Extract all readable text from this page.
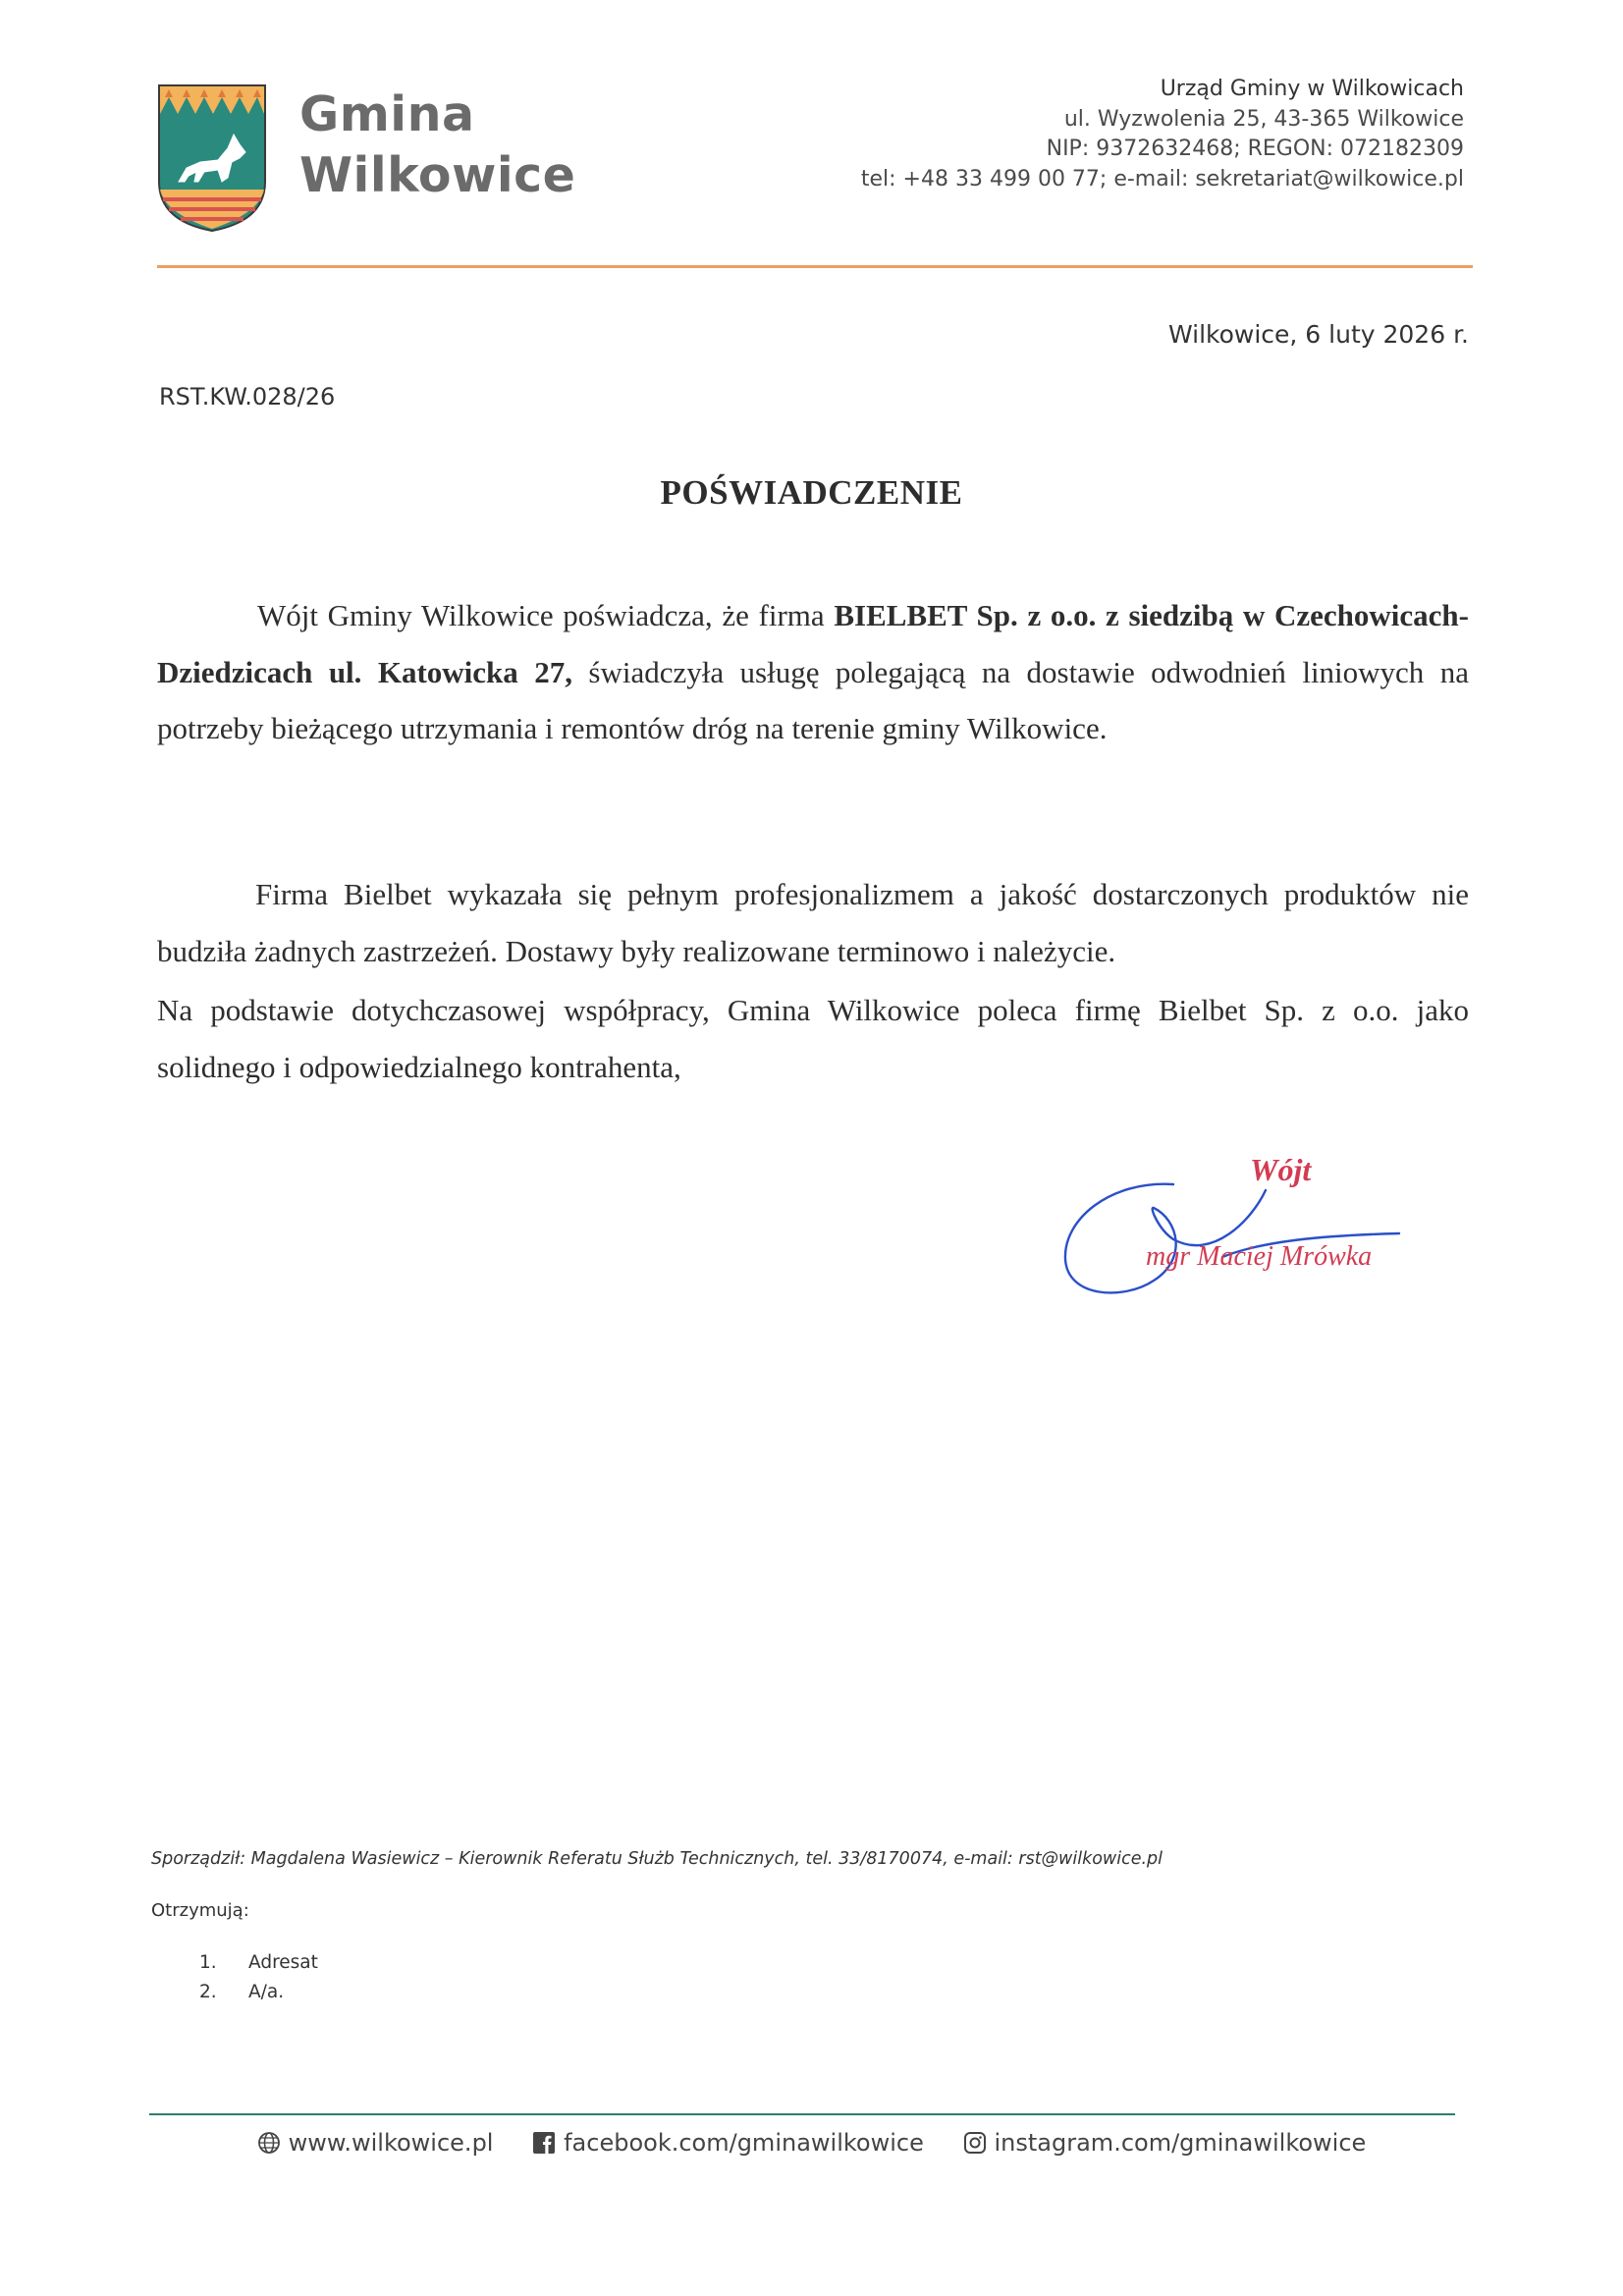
Gmina
Wilkowice
Urząd Gminy w Wilkowicach
ul. Wyzwolenia 25, 43-365 Wilkowice
NIP: 9372632468; REGON: 072182309
tel: +48 33 499 00 77; e-mail: sekretariat@wilkowice.pl
Wilkowice, 6 luty 2026 r.
RST.KW.028/26
POŚWIADCZENIE
Wójt Gminy Wilkowice poświadcza, że firma BIELBET Sp. z o.o. z siedzibą w Czechowicach-Dziedzicach ul. Katowicka 27, świadczyła usługę polegającą na dostawie odwodnień liniowych na potrzeby bieżącego utrzymania i remontów dróg na terenie gminy Wilkowice.
Firma Bielbet wykazała się pełnym profesjonalizmem a jakość dostarczonych produktów nie budziła żadnych zastrzeżeń. Dostawy były realizowane terminowo i należycie.
Na podstawie dotychczasowej współpracy, Gmina Wilkowice poleca firmę Bielbet Sp. z o.o. jako solidnego i odpowiedzialnego kontrahenta,
Wójt
mgr Maciej Mrówka
Sporządził: Magdalena Wasiewicz – Kierownik Referatu Służb Technicznych, tel. 33/8170074, e-mail: rst@wilkowice.pl
Otrzymują:
1. Adresat
2. A/a.
www.wilkowice.pl
	facebook.com/gminawilkowice
	instagram.com/gminawilkowice
